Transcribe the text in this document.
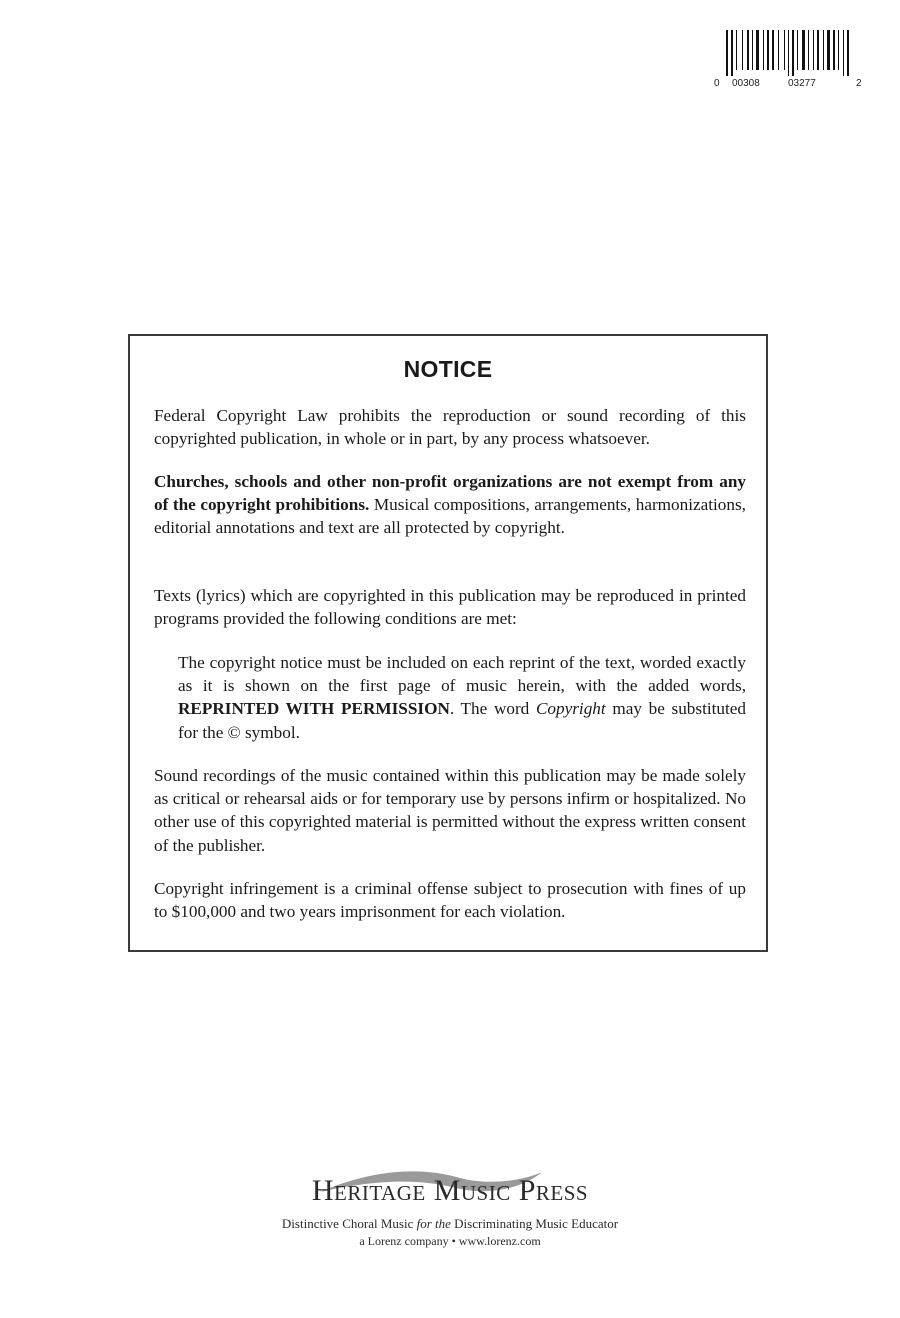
0 00308	03277	2
NOTICE
Federal Copyright Law prohibits the reproduction or sound recording of this copyrighted publication, in whole or in part, by any process whatsoever.
Churches, schools and other non-profit organizations are not exempt from any of the copyright prohibitions. Musical compositions, arrangements, harmonizations, editorial annotations and text are all protected by copyright.
Texts (lyrics) which are copyrighted in this publication may be reproduced in printed programs provided the following conditions are met:
The copyright notice must be included on each reprint of the text, worded exactly as it is shown on the first page of music herein, with the added words, REPRINTED WITH PERMISSION. The word Copyright may be substituted for the © symbol.
Sound recordings of the music contained within this publication may be made solely as critical or rehearsal aids or for temporary use by persons infirm or hospitalized. No other use of this copyrighted material is permitted without the express written consent of the publisher.
Copyright infringement is a criminal offense subject to prosecution with fines of up to $100,000 and two years imprisonment for each violation.
Heritage Music Press
Distinctive Choral Music for the Discriminating Music Educator
a Lorenz company • www.lorenz.com
